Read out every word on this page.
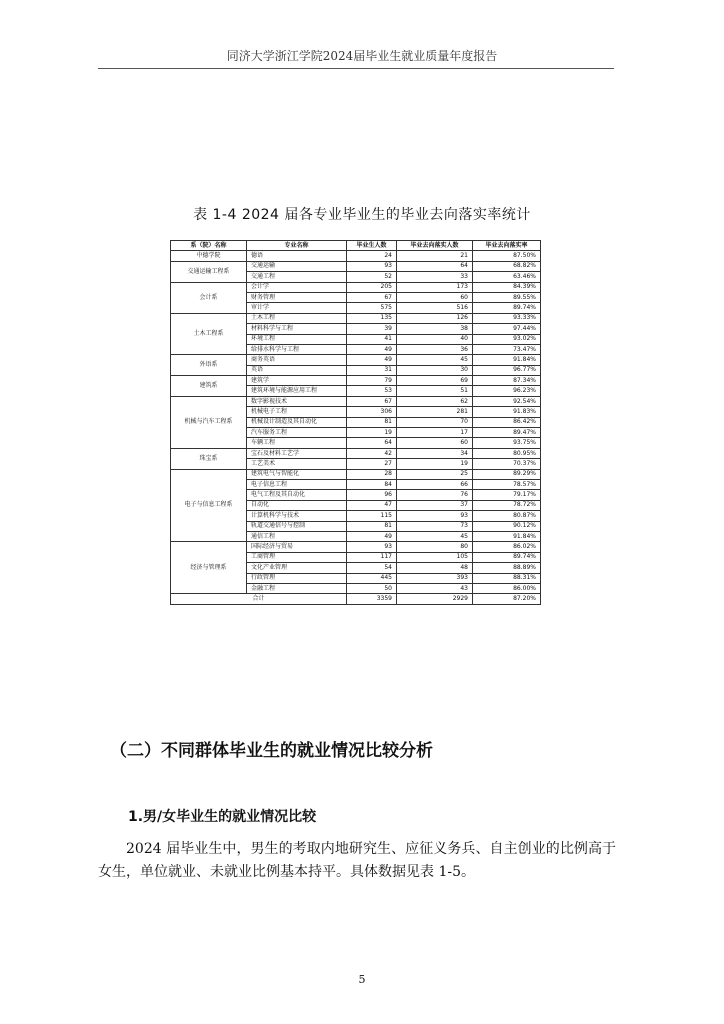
同济大学浙江学院2024届毕业生就业质量年度报告
表 1-4 2024 届各专业毕业生的毕业去向落实率统计
系（院）名称	专业名称	毕业生人数	毕业去向落实人数	毕业去向落实率
中德学院	德语	24	21	87.50%
交通运输工程系	交通运输	93	64	68.82%
	交通工程	52	33	63.46%
会计系	会计学	205	173	84.39%
	财务管理	67	60	89.55%
	审计学	575	516	89.74%
土木工程系	土木工程	135	126	93.33%
	材料科学与工程	39	38	97.44%
	环境工程	41	40	93.02%
	给排水科学与工程	49	36	73.47%
外语系	商务英语	49	45	91.84%
	英语	31	30	96.77%
建筑系	建筑学	79	69	87.34%
	建筑环境与能源应用工程	53	51	96.23%
机械与汽车工程系	数字影视技术	67	62	92.54%
	机械电子工程	306	281	91.83%
	机械设计制造及其自动化	81	70	86.42%
	汽车服务工程	19	17	89.47%
	车辆工程	64	60	93.75%
珠宝系	宝石及材料工艺学	42	34	80.95%
	工艺美术	27	19	70.37%
电子与信息工程系	建筑电气与智能化	28	25	89.29%
	电子信息工程	84	66	78.57%
	电气工程及其自动化	96	76	79.17%
	自动化	47	37	78.72%
	计算机科学与技术	115	93	80.87%
	轨道交通信号与控制	81	73	90.12%
	通信工程	49	45	91.84%
经济与管理系	国际经济与贸易	93	80	86.02%
	工商管理	117	105	89.74%
	文化产业管理	54	48	88.89%
	行政管理	445	393	88.31%
	金融工程	50	43	86.00%
合计		3359	2929	87.20%
（二）不同群体毕业生的就业情况比较分析
1.男/女毕业生的就业情况比较
2024 届毕业生中，男生的考取内地研究生、应征义务兵、自主创业的比例高于女生，单位就业、未就业比例基本持平。具体数据见表 1-5。
5
